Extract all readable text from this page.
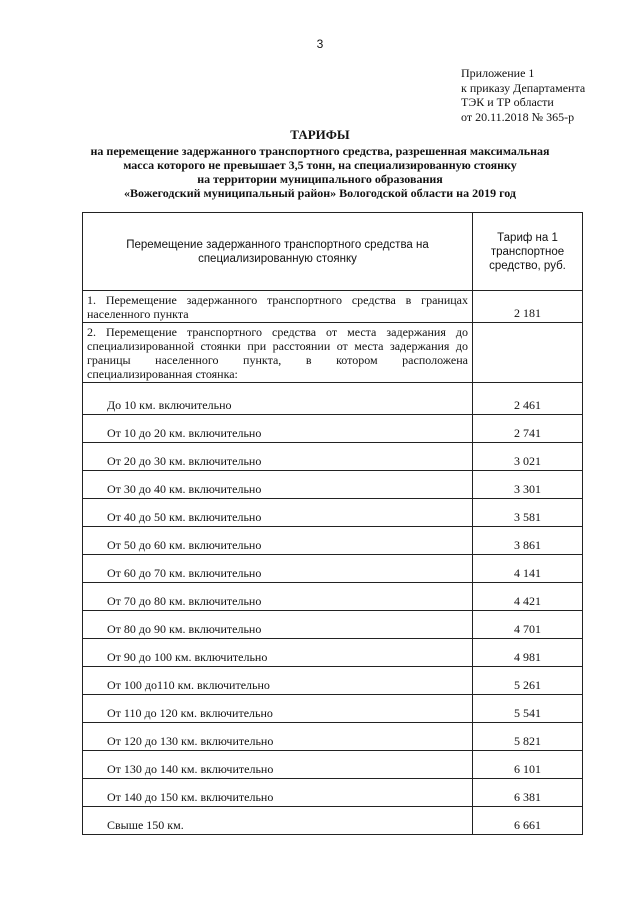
3
Приложение 1
к приказу Департамента
ТЭК и ТР области
от 20.11.2018 № 365-р
ТАРИФЫ
на перемещение задержанного транспортного средства, разрешенная максимальная
масса которого не превышает 3,5 тонн, на специализированную стоянку
на территории муниципального образования
«Вожегодский муниципальный район» Вологодской области на 2019 год
Перемещение задержанного транспортного средства на специализированную стоянку	Тариф на 1
транспортное
средство, руб.

1. Перемещение задержанного транспортного средства в границах населенного пункта	2 181
2. Перемещение транспортного средства от места задержания до специализированной стоянки при расстоянии от места задержания до границы населенного пункта, в котором расположена специализированная стоянка:	
До 10 км. включительно	2 461
От 10 до 20 км. включительно	2 741
От 20 до 30 км. включительно	3 021
От 30 до 40 км. включительно	3 301
От 40 до 50 км. включительно	3 581
От 50 до 60 км. включительно	3 861
От 60 до 70 км. включительно	4 141
От 70 до 80 км. включительно	4 421
От 80 до 90 км. включительно	4 701
От 90 до 100 км. включительно	4 981
От 100 до110 км. включительно	5 261
От 110 до 120 км. включительно	5 541
От 120 до 130 км. включительно	5 821
От 130 до 140 км. включительно	6 101
От 140 до 150 км. включительно	6 381
Свыше 150 км.	6 661
